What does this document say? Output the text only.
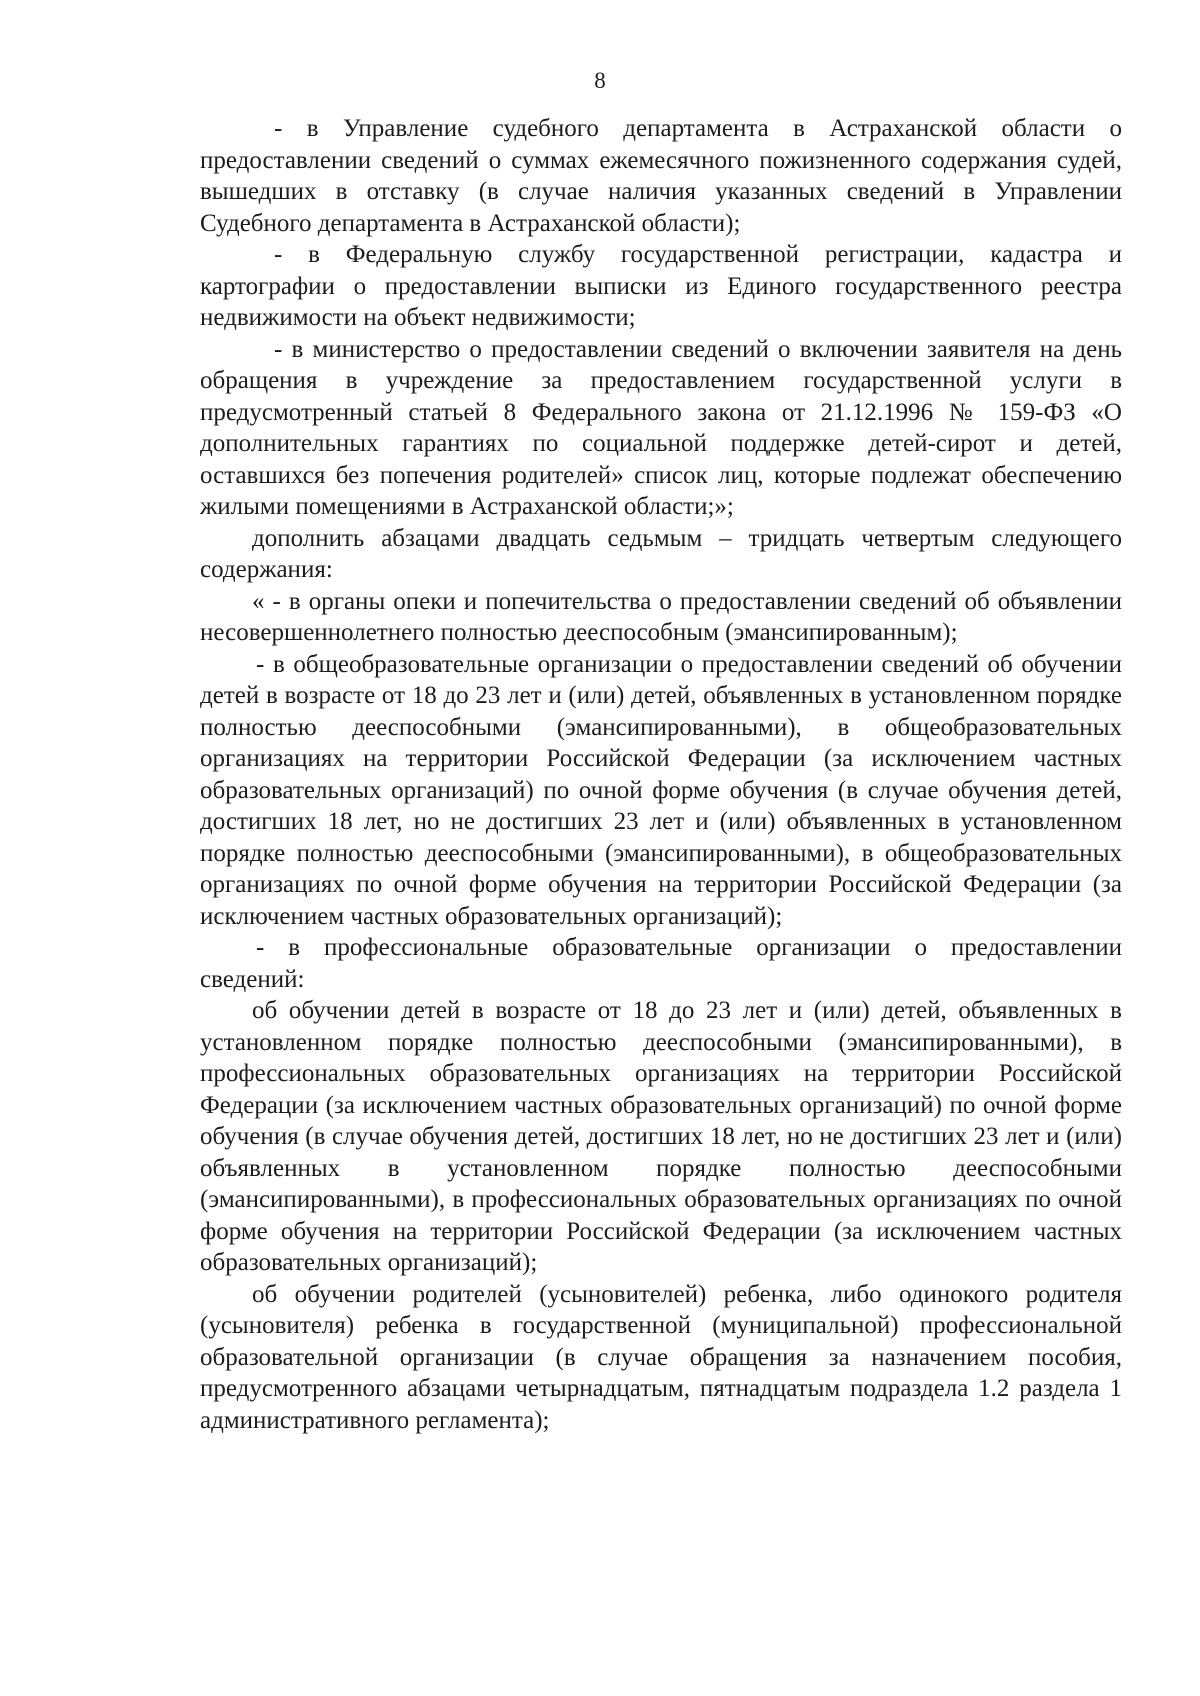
8

- в Управление судебного департамента в Астраханской области о предоставлении сведений о суммах ежемесячного пожизненного содержания судей, вышедших в отставку (в случае наличия указанных сведений в Управлении Судебного департамента в Астраханской области);

- в Федеральную службу государственной регистрации, кадастра и картографии о предоставлении выписки из Единого государственного реестра недвижимости на объект недвижимости;

- в министерство о предоставлении сведений о включении заявителя на день обращения в учреждение за предоставлением государственной услуги в предусмотренный статьей 8 Федерального закона от 21.12.1996 № 159-ФЗ «О дополнительных гарантиях по социальной поддержке детей-сирот и детей, оставшихся без попечения родителей» список лиц, которые подлежат обеспечению жилыми помещениями в Астраханской области;»;

дополнить абзацами двадцать седьмым – тридцать четвертым следующего содержания:

« - в органы опеки и попечительства о предоставлении сведений об объявлении несовершеннолетнего полностью дееспособным (эмансипированным);

- в общеобразовательные организации о предоставлении сведений об обучении детей в возрасте от 18 до 23 лет и (или) детей, объявленных в установленном порядке полностью дееспособными (эмансипированными), в общеобразовательных организациях на территории Российской Федерации (за исключением частных образовательных организаций) по очной форме обучения (в случае обучения детей, достигших 18 лет, но не достигших 23 лет и (или) объявленных в установленном порядке полностью дееспособными (эмансипированными), в общеобразовательных организациях по очной форме обучения на территории Российской Федерации (за исключением частных образовательных организаций);

- в профессиональные образовательные организации о предоставлении сведений:

об обучении детей в возрасте от 18 до 23 лет и (или) детей, объявленных в установленном порядке полностью дееспособными (эмансипированными), в профессиональных образовательных организациях на территории Российской Федерации (за исключением частных образовательных организаций) по очной форме обучения (в случае обучения детей, достигших 18 лет, но не достигших 23 лет и (или) объявленных в установленном порядке полностью дееспособными (эмансипированными), в профессиональных образовательных организациях по очной форме обучения на территории Российской Федерации (за исключением частных образовательных организаций);

об обучении родителей (усыновителей) ребенка, либо одинокого родителя (усыновителя) ребенка в государственной (муниципальной) профессиональной образовательной организации (в случае обращения за назначением пособия, предусмотренного абзацами четырнадцатым, пятнадцатым подраздела 1.2 раздела 1 административного регламента);
